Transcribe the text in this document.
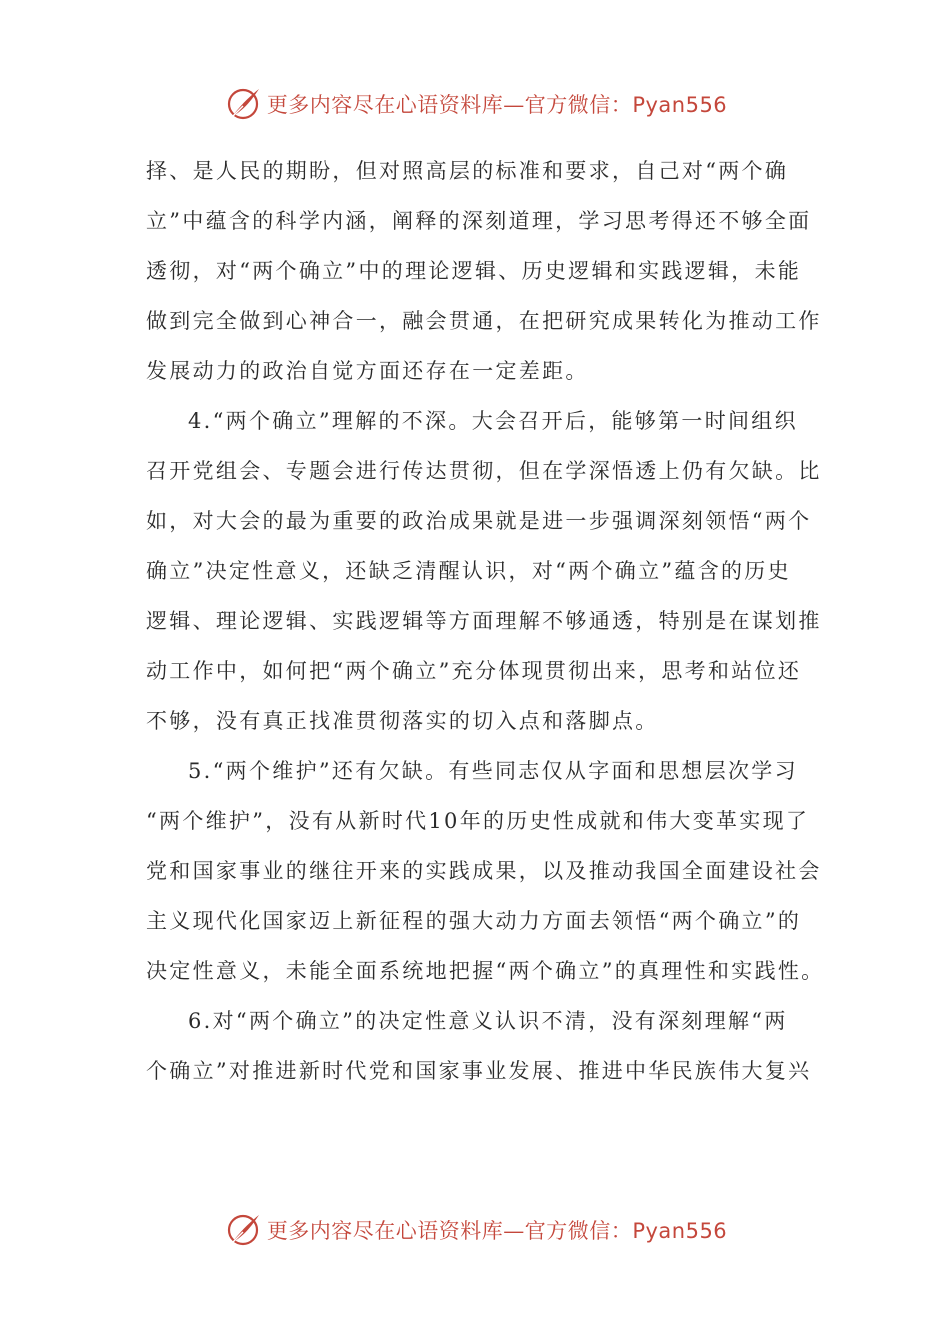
更多内容尽在心语资料库—官方微信：Pyan556
择、是人民的期盼，但对照高层的标准和要求，自己对“两个确
立”中蕴含的科学内涵，阐释的深刻道理，学习思考得还不够全面
透彻，对“两个确立”中的理论逻辑、历史逻辑和实践逻辑，未能
做到完全做到心神合一，融会贯通，在把研究成果转化为推动工作
发展动力的政治自觉方面还存在一定差距。
4.“两个确立”理解的不深。大会召开后，能够第一时间组织
召开党组会、专题会进行传达贯彻，但在学深悟透上仍有欠缺。比
如，对大会的最为重要的政治成果就是进一步强调深刻领悟“两个
确立”决定性意义，还缺乏清醒认识，对“两个确立”蕴含的历史
逻辑、理论逻辑、实践逻辑等方面理解不够通透，特别是在谋划推
动工作中，如何把“两个确立”充分体现贯彻出来，思考和站位还
不够，没有真正找准贯彻落实的切入点和落脚点。
5.“两个维护”还有欠缺。有些同志仅从字面和思想层次学习
“两个维护”，没有从新时代10年的历史性成就和伟大变革实现了
党和国家事业的继往开来的实践成果，以及推动我国全面建设社会
主义现代化国家迈上新征程的强大动力方面去领悟“两个确立”的
决定性意义，未能全面系统地把握“两个确立”的真理性和实践性。
6.对“两个确立”的决定性意义认识不清，没有深刻理解“两
个确立”对推进新时代党和国家事业发展、推进中华民族伟大复兴
更多内容尽在心语资料库—官方微信：Pyan556
